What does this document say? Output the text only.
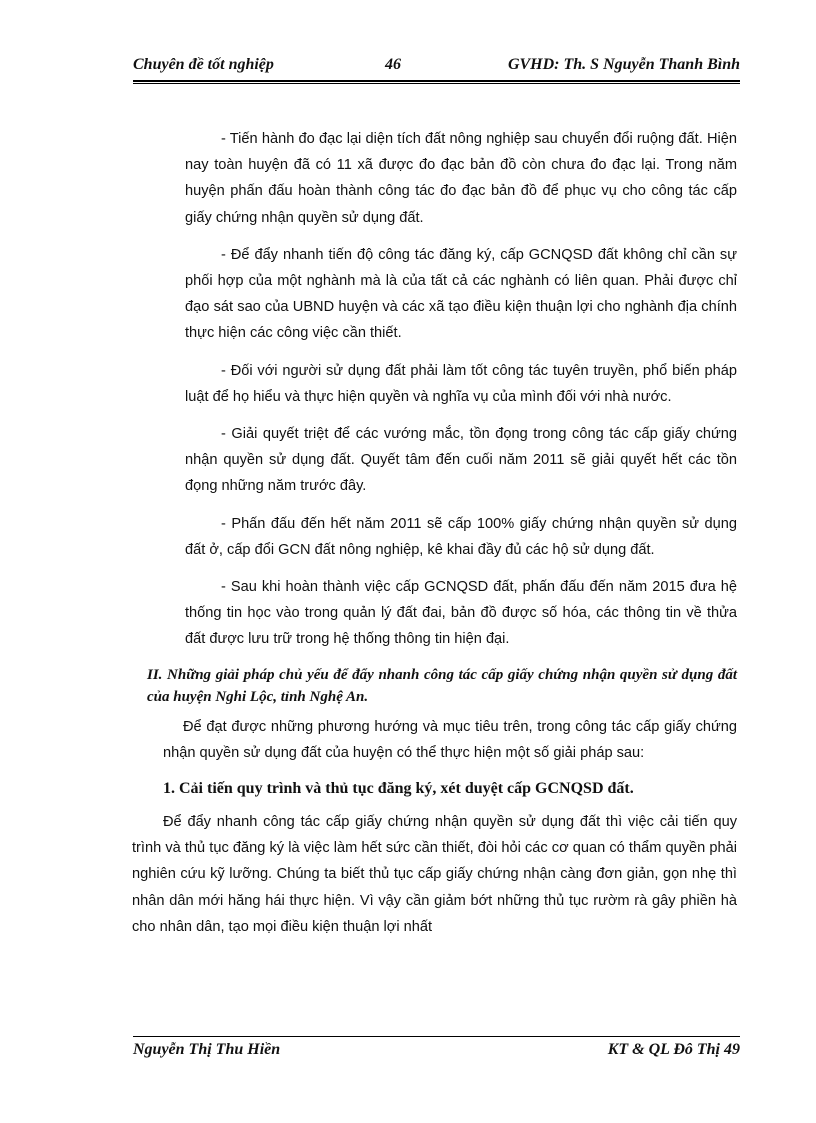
Chuyên đề tốt nghiệp	46	GVHD: Th. S Nguyễn Thanh Bình

- Tiến hành đo đạc lại diện tích đất nông nghiệp sau chuyển đổi ruộng đất. Hiện nay toàn huyện đã có 11 xã được đo đạc bản đồ còn chưa đo đạc lại. Trong năm huyện phấn đấu hoàn thành công tác đo đạc bản đồ để phục vụ cho công tác cấp giấy chứng nhận quyền sử dụng đất.

- Để đẩy nhanh tiến độ công tác đăng ký, cấp GCNQSD đất không chỉ cần sự phối hợp của một nghành mà là của tất cả các nghành có liên quan. Phải được chỉ đạo sát sao của UBND huyện và các xã tạo điều kiện thuận lợi cho nghành địa chính thực hiện các công việc cần thiết.

- Đối với người sử dụng đất phải làm tốt công tác tuyên truyền, phổ biến pháp luật để họ hiểu và thực hiện quyền và nghĩa vụ của mình đối với nhà nước.

- Giải quyết triệt để các vướng mắc, tồn đọng trong công tác cấp giấy chứng nhận quyền sử dụng đất. Quyết tâm đến cuối năm 2011 sẽ giải quyết hết các tồn đọng những năm trước đây.

- Phấn đấu đến hết năm 2011 sẽ cấp 100% giấy chứng nhận quyền sử dụng đất ở, cấp đổi GCN đất nông nghiệp, kê khai đầy đủ các hộ sử dụng đất.

- Sau khi hoàn thành việc cấp GCNQSD đất, phấn đấu đến năm 2015 đưa hệ thống tin học vào trong quản lý đất đai, bản đồ được số hóa, các thông tin về thửa đất được lưu trữ trong hệ thống thông tin hiện đại.

II. Những giải pháp chủ yếu để đẩy nhanh công tác cấp giấy chứng nhận quyền sử dụng đất của huyện Nghi Lộc, tỉnh Nghệ An.

Để đạt được những phương hướng và mục tiêu trên, trong công tác cấp giấy chứng nhận quyền sử dụng đất của huyện có thể thực hiện một số giải pháp sau:

1. Cải tiến quy trình và thủ tục đăng ký, xét duyệt cấp GCNQSD đất.

Để đẩy nhanh công tác cấp giấy chứng nhận quyền sử dụng đất thì việc cải tiến quy trình và thủ tục đăng ký là việc làm hết sức cần thiết, đòi hỏi các cơ quan có thẩm quyền phải nghiên cứu kỹ lưỡng. Chúng ta biết thủ tục cấp giấy chứng nhận càng đơn giản, gọn nhẹ thì nhân dân mới hăng hái thực hiện. Vì vậy cần giảm bớt những thủ tục rườm rà gây phiền hà cho nhân dân, tạo mọi điều kiện thuận lợi nhất

Nguyễn Thị Thu Hiền	KT & QL Đô Thị 49
